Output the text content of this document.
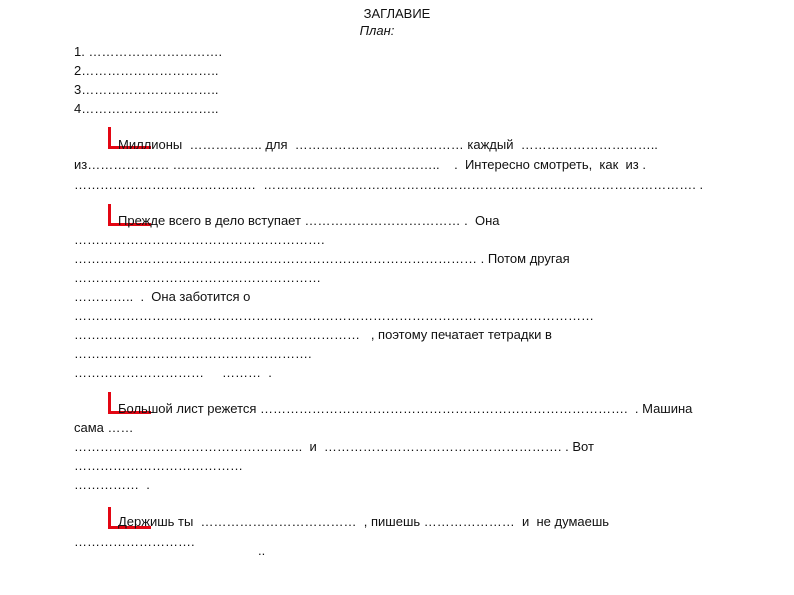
ЗАГЛАВИЕ
План:
1. ………………………….
2…………………………..
3…………………………..
4…………………………..
Миллионы  …………….. для  ………………………………… каждый  …………………………..
из………………. ……………………………………………………..    .  Интересно смотреть,  как  из .
……………………………………  ………………………………………………………………………………………. .
Прежде всего в дело вступает ……………………………… .  Она
………………………………………………….
………………………………………………………………………………… . Потом другая
…………………………………………………
…………..  .  Она заботится о
…………………………………………………………………………………………………………
…………………………………………………………   , поэтому печатает тетрадки в
……………………………………………….
…………………………     ………  .
Большой лист режется ………………………………………………………………………….  . Машина
сама ……
……………………………………………..  и  ………………………………………………. . Вот
…………………………………
……………  .
Держишь ты  ………………………………  , пишешь …………………  и  не думаешь
……………………….
..
